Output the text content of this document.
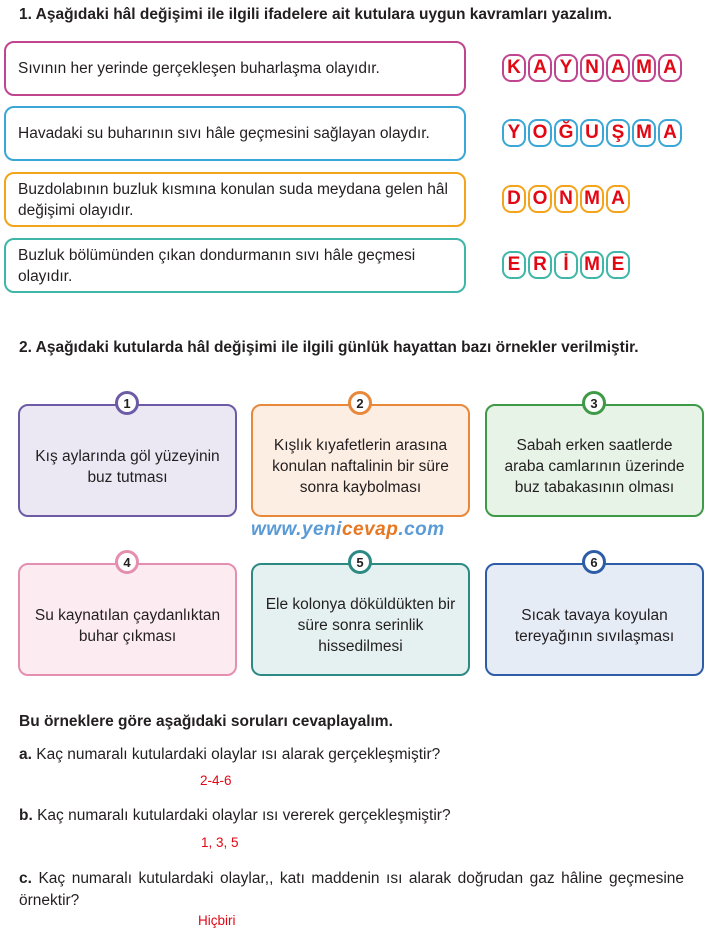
1. Aşağıdaki hâl değişimi ile ilgili ifadelere ait kutulara uygun kavramları yazalım.
Sıvının her yerinde gerçekleşen buharlaşma olayıdır.
Havadaki su buharının sıvı hâle geçmesini sağlayan olaydır.
Buzdolabının buzluk kısmına konulan suda meydana gelen hâl değişimi olayıdır.
Buzluk bölümünden çıkan dondurmanın sıvı hâle geçmesi olayıdır.
K A Y N A M A
Y O Ğ U Ş M A
D O N M A
E R İ M E
2. Aşağıdaki kutularda hâl değişimi ile ilgili günlük hayattan bazı örnekler verilmiştir.
Kış aylarında göl yüzeyinin buz tutması
1
Kışlık kıyafetlerin arasına konulan naftalinin bir süre sonra kaybolması
2
Sabah erken saatlerde araba camlarının üzerinde buz tabakasının olması
3
Su kaynatılan çaydanlıktan buhar çıkması
4
Ele kolonya döküldükten bir süre sonra serinlik hissedilmesi
5
Sıcak tavaya koyulan tereyağının sıvılaşması
6
www.yenicevap.com
Bu örneklere göre aşağıdaki soruları cevaplayalım.
a. Kaç numaralı kutulardaki olaylar ısı alarak gerçekleşmiştir?
2-4-6
b. Kaç numaralı kutulardaki olaylar ısı vererek gerçekleşmiştir?
1, 3, 5
c. Kaç numaralı kutulardaki olaylar,, katı maddenin ısı alarak doğrudan gaz hâline geçmesine örnektir?
Hiçbiri
